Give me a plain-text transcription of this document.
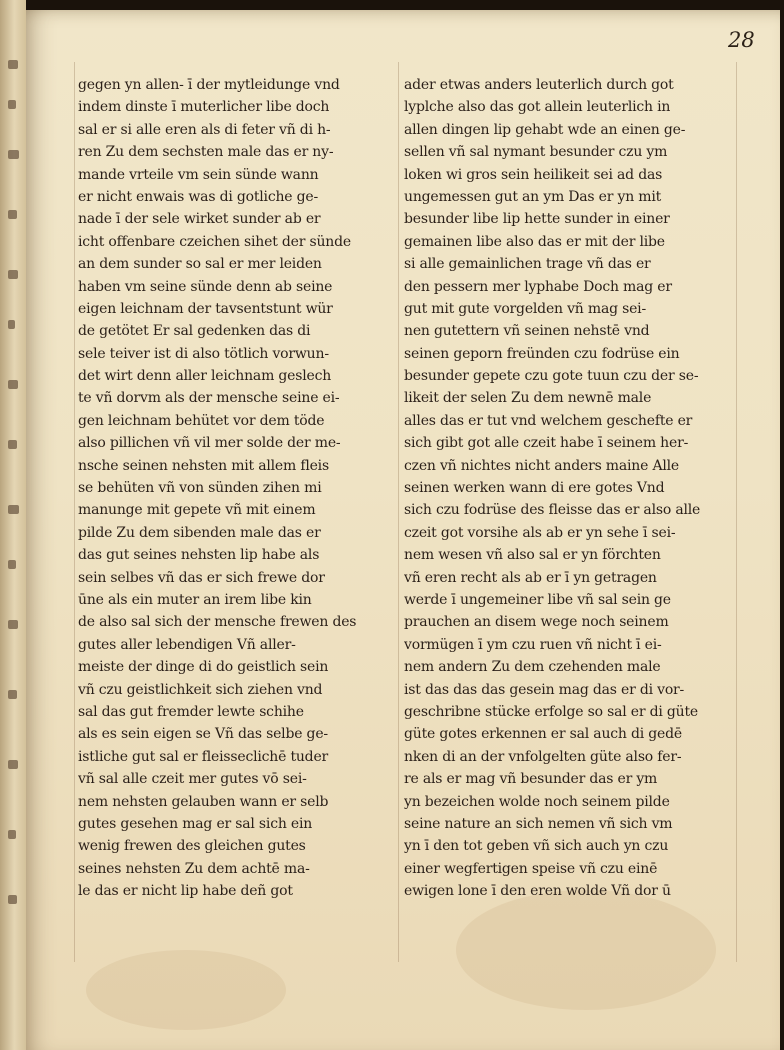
28
gegen yn allen- ī der mytleidunge vnd
indem dinste ī muterlicher libe doch
sal er si alle eren als di feter vñ di h-
ren Zu dem sechsten male das er ny-
mande vrteile vm sein sünde wann
er nicht enwais was di gotliche ge-
nade ī der sele wirket sunder ab er
icht offenbare czeichen sihet der sünde
an dem sunder so sal er mer leiden
haben vm seine sünde denn ab seine
eigen leichnam der tavsentstunt wür
de getötet Er sal gedenken das di
sele teiver ist di also tötlich vorwun-
det wirt denn aller leichnam geslech
te vñ dorvm als der mensche seine ei-
gen leichnam behütet vor dem töde
also pillichen vñ vil mer solde der me-
nsche seinen nehsten mit allem fleis
se behüten vñ von sünden zihen mi
manunge mit gepete vñ mit einem
pilde Zu dem sibenden male das er
das gut seines nehsten lip habe als
sein selbes vñ das er sich frewe dor
ūne als ein muter an irem libe kin
de also sal sich der mensche frewen des
gutes aller lebendigen Vñ aller-
meiste der dinge di do geistlich sein
vñ czu geistlichkeit sich ziehen vnd
sal das gut fremder lewte schihe
als es sein eigen se Vñ das selbe ge-
istliche gut sal er fleisseclichē tuder
vñ sal alle czeit mer gutes vō sei-
nem nehsten gelauben wann er selb
gutes gesehen mag er sal sich ein
wenig frewen des gleichen gutes
seines nehsten Zu dem achtē ma-
le das er nicht lip habe deñ got
ader etwas anders leuterlich durch got
lyplche also das got allein leuterlich in
allen dingen lip gehabt wde an einen ge-
sellen vñ sal nymant besunder czu ym
loken wi gros sein heilikeit sei ad das
ungemessen gut an ym Das er yn mit
besunder libe lip hette sunder in einer
gemainen libe also das er mit der libe
si alle gemainlichen trage vñ das er
den pessern mer lyphabe Doch mag er
gut mit gute vorgelden vñ mag sei-
nen gutettern vñ seinen nehstē vnd
seinen geporn freünden czu fodrüse ein
besunder gepete czu gote tuun czu der se-
likeit der selen Zu dem newnē male
alles das er tut vnd welchem geschefte er
sich gibt got alle czeit habe ī seinem her-
czen vñ nichtes nicht anders maine Alle
seinen werken wann di ere gotes Vnd
sich czu fodrüse des fleisse das er also alle
czeit got vorsihe als ab er yn sehe ī sei-
nem wesen vñ also sal er yn förchten
vñ eren recht als ab er ī yn getragen
werde ī ungemeiner libe vñ sal sein ge
prauchen an disem wege noch seinem
vormügen ī ym czu ruen vñ nicht ī ei-
nem andern Zu dem czehenden male
ist das das das gesein mag das er di vor-
geschribne stücke erfolge so sal er di güte
güte gotes erkennen er sal auch di gedē
nken di an der vnfolgelten güte also fer-
re als er mag vñ besunder das er ym
yn bezeichen wolde noch seinem pilde
seine nature an sich nemen vñ sich vm
yn ī den tot geben vñ sich auch yn czu
einer wegfertigen speise vñ czu einē
ewigen lone ī den eren wolde Vñ dor ū
